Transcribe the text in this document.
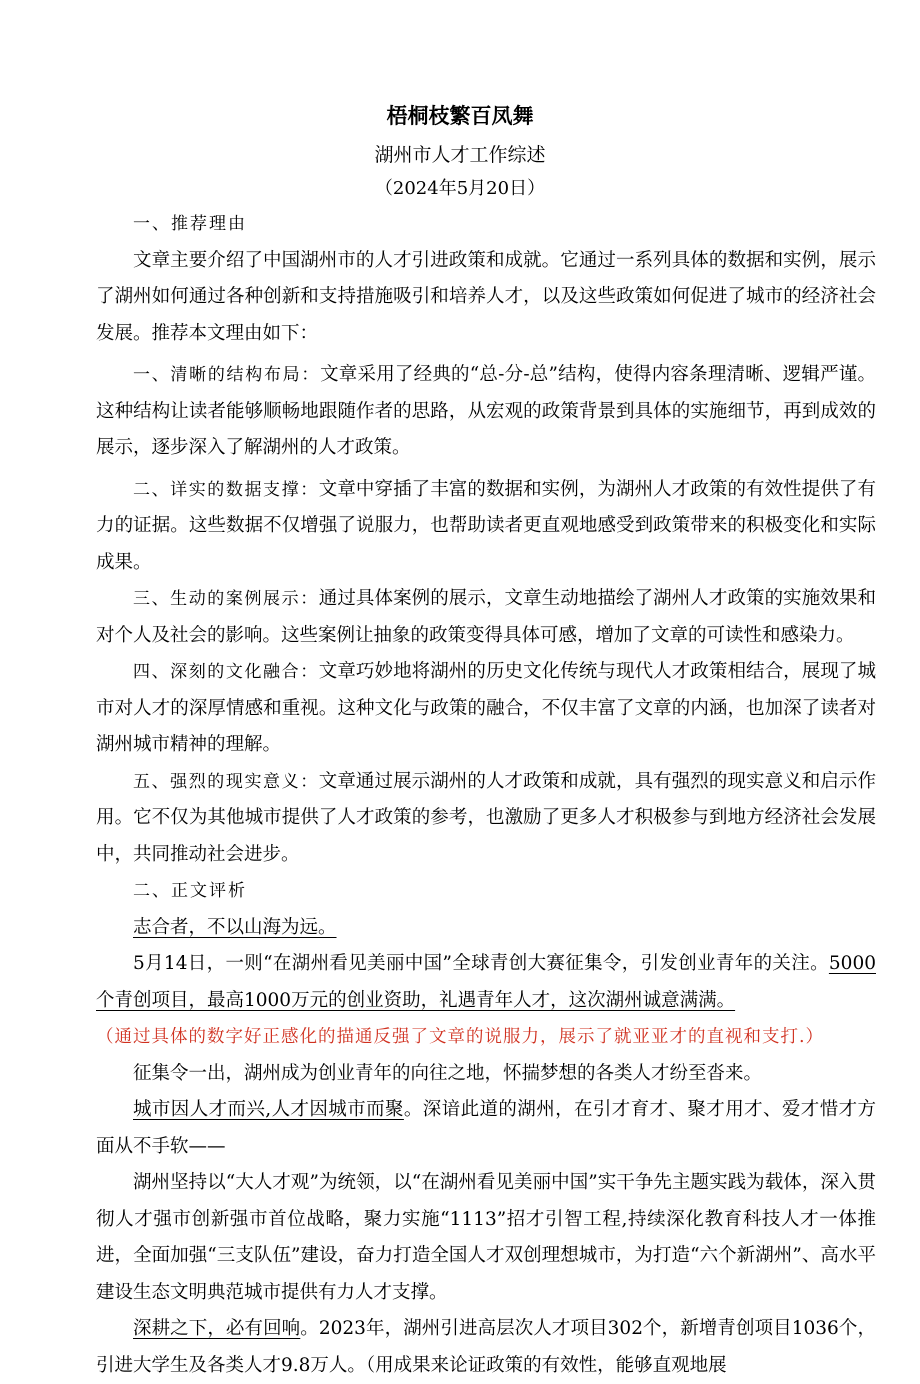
梧桐枝繁百凤舞
湖州市人才工作综述
（2024年5月20日）

一、推荐理由

文章主要介绍了中国湖州市的人才引进政策和成就。它通过一系列具体的数据和实例，展示了湖州如何通过各种创新和支持措施吸引和培养人才，以及这些政策如何促进了城市的经济社会发展。推荐本文理由如下：

一、清晰的结构布局：文章采用了经典的“总-分-总”结构，使得内容条理清晰、逻辑严谨。这种结构让读者能够顺畅地跟随作者的思路，从宏观的政策背景到具体的实施细节，再到成效的展示，逐步深入了解湖州的人才政策。

二、详实的数据支撑：文章中穿插了丰富的数据和实例，为湖州人才政策的有效性提供了有力的证据。这些数据不仅增强了说服力，也帮助读者更直观地感受到政策带来的积极变化和实际成果。

三、生动的案例展示：通过具体案例的展示，文章生动地描绘了湖州人才政策的实施效果和对个人及社会的影响。这些案例让抽象的政策变得具体可感，增加了文章的可读性和感染力。

四、深刻的文化融合：文章巧妙地将湖州的历史文化传统与现代人才政策相结合，展现了城市对人才的深厚情感和重视。这种文化与政策的融合，不仅丰富了文章的内涵，也加深了读者对湖州城市精神的理解。

五、强烈的现实意义：文章通过展示湖州的人才政策和成就，具有强烈的现实意义和启示作用。它不仅为其他城市提供了人才政策的参考，也激励了更多人才积极参与到地方经济社会发展中，共同推动社会进步。

二、正文评析

志合者，不以山海为远。

5月14日，一则“在湖州看见美丽中国”全球青创大赛征集令，引发创业青年的关注。5000个青创项目，最高1000万元的创业资助，礼遇青年人才，这次湖州诚意满满。

（通过具体的数字好正感化的描通反强了文章的说服力，展示了就亚亚才的直视和支打.）

征集令一出，湖州成为创业青年的向往之地，怀揣梦想的各类人才纷至沓来。

城市因人才而兴,人才因城市而聚。深谙此道的湖州，在引才育才、聚才用才、爱才惜才方面从不手软——

湖州坚持以“大人才观”为统领，以“在湖州看见美丽中国”实干争先主题实践为载体，深入贯彻人才强市创新强市首位战略，聚力实施“1113”招才引智工程,持续深化教育科技人才一体推进，全面加强“三支队伍”建设，奋力打造全国人才双创理想城市，为打造“六个新湖州”、高水平建设生态文明典范城市提供有力人才支撑。

深耕之下，必有回响。2023年，湖州引进高层次人才项目302个，新增青创项目1036个，引进大学生及各类人才9.8万人。（用成果来论证政策的有效性，能够直观地展
